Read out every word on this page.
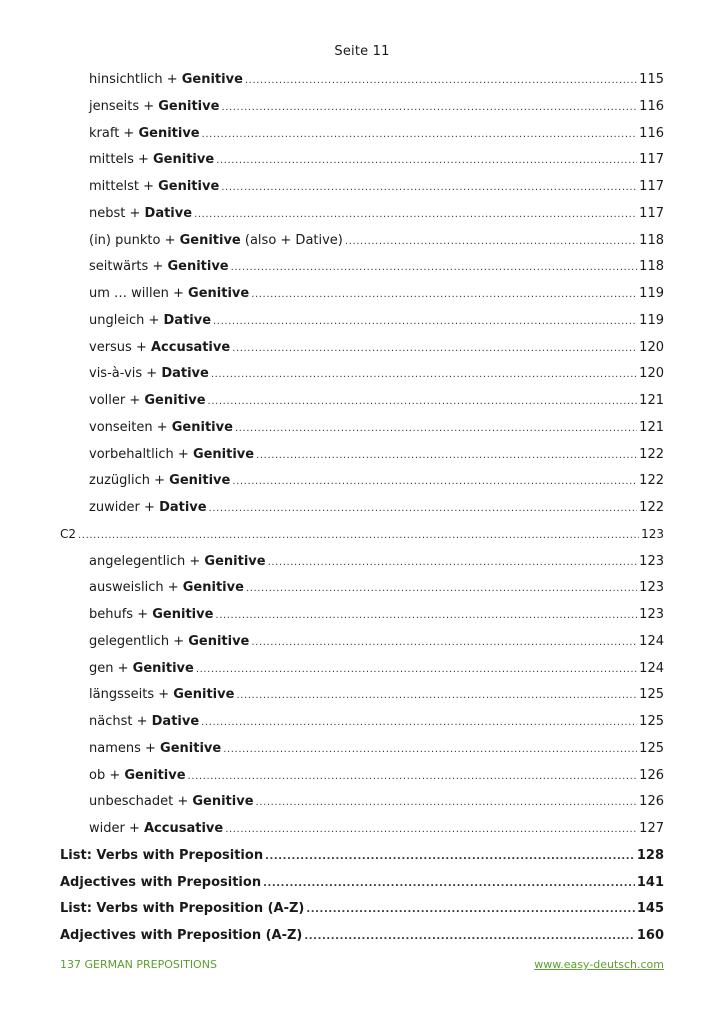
Seite 11
hinsichtlich + Genitive .....	115
jenseits + Genitive .....	116
kraft + Genitive .....	116
mittels + Genitive .....	117
mittelst + Genitive .....	117
nebst + Dative .....	117
(in) punkto + Genitive (also + Dative) .....	118
seitwärts + Genitive .....	118
um … willen + Genitive .....	119
ungleich + Dative .....	119
versus + Accusative .....	120
vis-à-vis + Dative .....	120
voller + Genitive .....	121
vonseiten + Genitive .....	121
vorbehaltlich + Genitive .....	122
zuzüglich + Genitive .....	122
zuwider + Dative .....	122
C2 .....	123
angelegentlich + Genitive .....	123
ausweislich + Genitive .....	123
behufs + Genitive .....	123
gelegentlich + Genitive .....	124
gen + Genitive .....	124
längsseits + Genitive .....	125
nächst + Dative .....	125
namens + Genitive .....	125
ob + Genitive .....	126
unbeschadet + Genitive .....	126
wider + Accusative .....	127
List: Verbs with Preposition .....	128
Adjectives with Preposition .....	141
List: Verbs with Preposition (A-Z) .....	145
Adjectives with Preposition (A-Z) .....	160
137 GERMAN PREPOSITIONS	www.easy-deutsch.com
